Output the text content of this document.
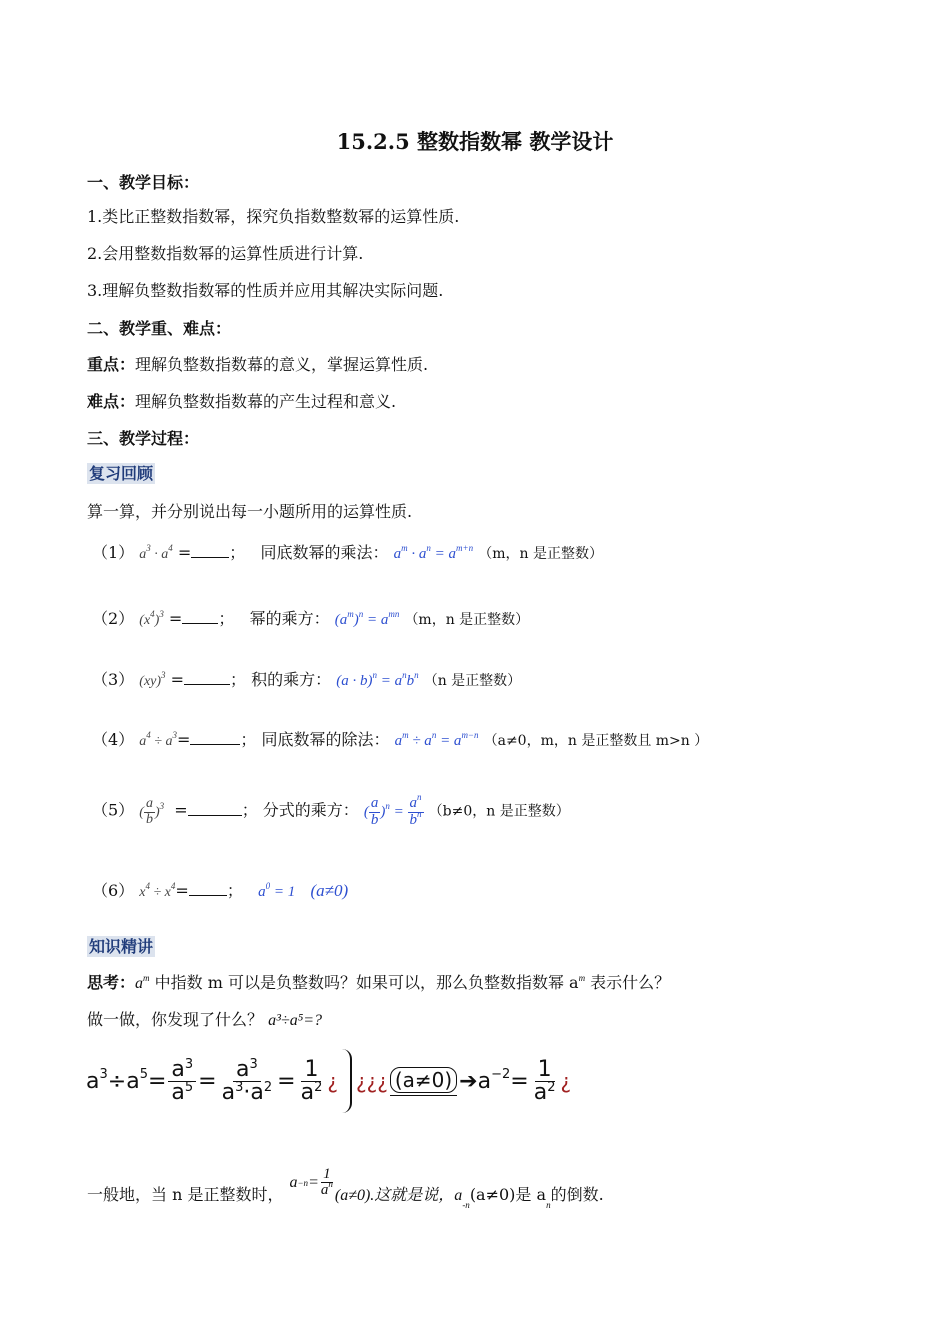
15.2.5 整数指数幂 教学设计
一、教学目标：
1.类比正整数指数幂，探究负指数整数幂的运算性质.
2.会用整数指数幂的运算性质进行计算.
3.理解负整数指数幂的性质并应用其解决实际问题.
二、教学重、难点：
重点：理解负整数指数幕的意义，掌握运算性质.
难点：理解负整数指数幕的产生过程和意义.
三、教学过程：
复习回顾
算一算，并分别说出每一小题所用的运算性质.
（1） $a^3 \cdot a^4$ = ；   同底数幂的乘法： $a^m \cdot a^n = a^{m+n}$ （m，n 是正整数）
（2） $(x^4)^3$ = ；   幂的乘方： $(a^m)^n = a^{mn}$ （m，n 是正整数）
（3） (xy)$^3$ =	； 积的乘方： $(a \cdot b)^n = a^nb^n$ （n 是正整数）
（4） $a^4 \div a^3=$	； 同底数幂的除法： $a^m \div a^n = a^{m-n}$ （a≠0，m，n 是正整数且 m>n ）
（5） ( $\frac{a}{b} )^3$  =	； 分式的乘方： ( $\frac{a}{b} )^n = \frac{a^n}{b^n} (b\ne 0$，n 是正整数）
（6） $x^4 \div x^4=$ ；   $a^0 = 1$ (a≠0)
知识精讲
思考：$a^m$ 中指数 m 可以是负整数吗？如果可以，那么负整数指数幂 $a^m$ 表示什么？
做一做，你发现了什么？ a³÷a⁵=?
$a^3\div a^5= \frac{a^3}{a^5} = \frac{a^3}{a^3\cdot a^2} = \frac{1}{a^2}$ ¿ ¿¿¿ (a≠0) $➔a^{-2}= \frac{1}{a^2}$ ¿
一般地，当 n 是正整数时，
$a -n = \frac{1}{a^n} (a\ne 0)$.这就是说，a
-n
(a≠0)是 a
n
的倒数.
